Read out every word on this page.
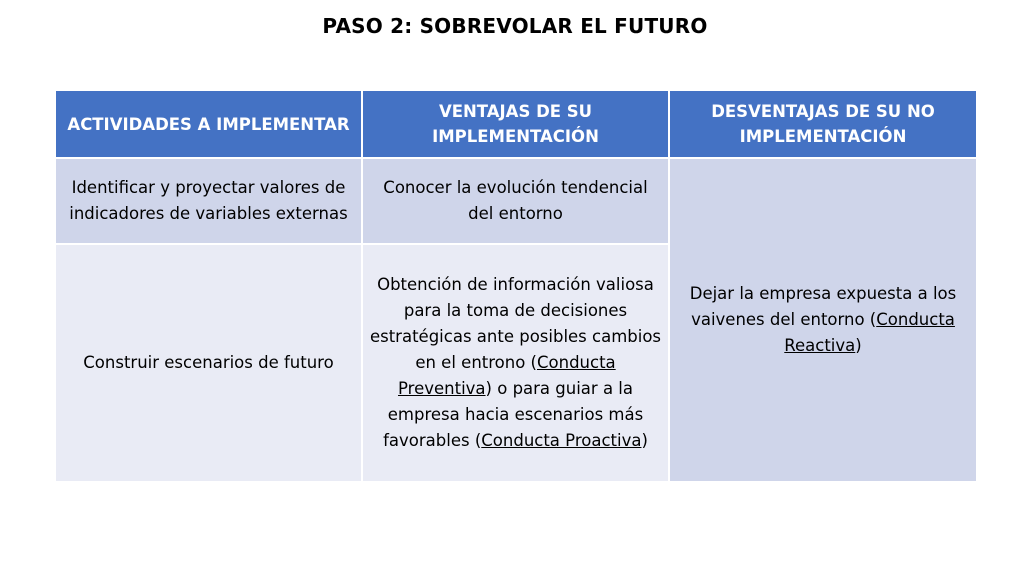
PASO 2: SOBREVOLAR EL FUTURO
ACTIVIDADES A IMPLEMENTAR	VENTAJAS DE SU IMPLEMENTACIÓN	DESVENTAJAS DE SU NO IMPLEMENTACIÓN
Identificar y proyectar valores de indicadores de variables externas	Conocer la evolución tendencial del entorno	Dejar la empresa expuesta a los vaivenes del entorno (Conducta Reactiva)
Construir escenarios de futuro	Obtención de información valiosa para la toma de decisiones estratégicas ante posibles cambios en el entrono (Conducta Preventiva) o para guiar a la empresa hacia escenarios más favorables (Conducta Proactiva)	
